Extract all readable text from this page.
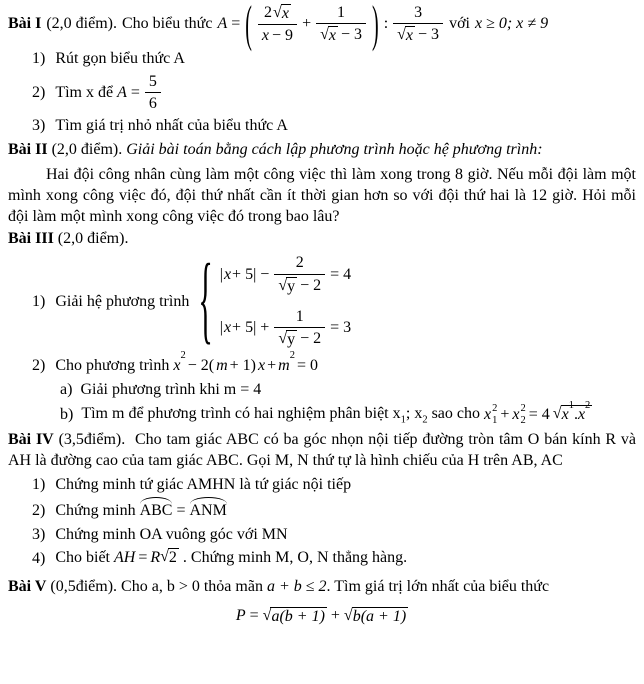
Bài I (2,0 điểm). Cho biểu thức A = ( $\frac{2 √ x}{x - 9} + \frac{1}{√ x - 3}$ ) : $\frac{3}{√ x - 3}$ với x ≥ 0; x ≠ 9
1) Rút gọn biểu thức A
2) Tìm x để $A = \frac{5}{6}$
3) Tìm giá trị nhỏ nhất của biểu thức A
Bài II (2,0 điểm). Giải bài toán bằng cách lập phương trình hoặc hệ phương trình:

Hai đội công nhân cùng làm một công việc thì làm xong trong 8 giờ. Nếu mỗi đội làm một mình xong công việc đó, đội thứ nhất cần ít thời gian hơn so với đội thứ hai là 12 giờ. Hỏi mỗi đội làm một mình xong công việc đó trong bao lâu?

Bài III (2,0 điểm).
1) Giải hệ phương trình { | $x + 5| - \frac{2}{√ y - 2} = 4$
| $x + 5| + \frac{1}{√ y - 2} = 3$
2) Cho phương trình x
2
− 2( m + 1) x + m
2
= 0
a) Giải phương trình khi m = 4
b) Tìm m để phương trình có hai nghiệm phân biệt $x_1$; $x_2$ sao cho x 2
1 + x 2
2 = 4 √ x
1
. x
2

Bài IV (3,5điểm). Cho tam giác ABC có ba góc nhọn nội tiếp đường tròn tâm O bán kính R và AH là đường cao của tam giác ABC. Gọi M, N thứ tự là hình chiếu của H trên AB, AC

1) Chứng minh tứ giác AMHN là tứ giác nội tiếp
2) Chứng minh ABC = ANM
3) Chứng minh OA vuông góc với MN
4) Cho biết AH = R √ 2 . Chứng minh M, O, N thẳng hàng.

Bài V (0,5điểm). Cho a, b > 0 thỏa mãn a + b ≤ 2. Tìm giá trị lớn nhất của biểu thức

P = √ a(b + 1) + √ b(a + 1)
